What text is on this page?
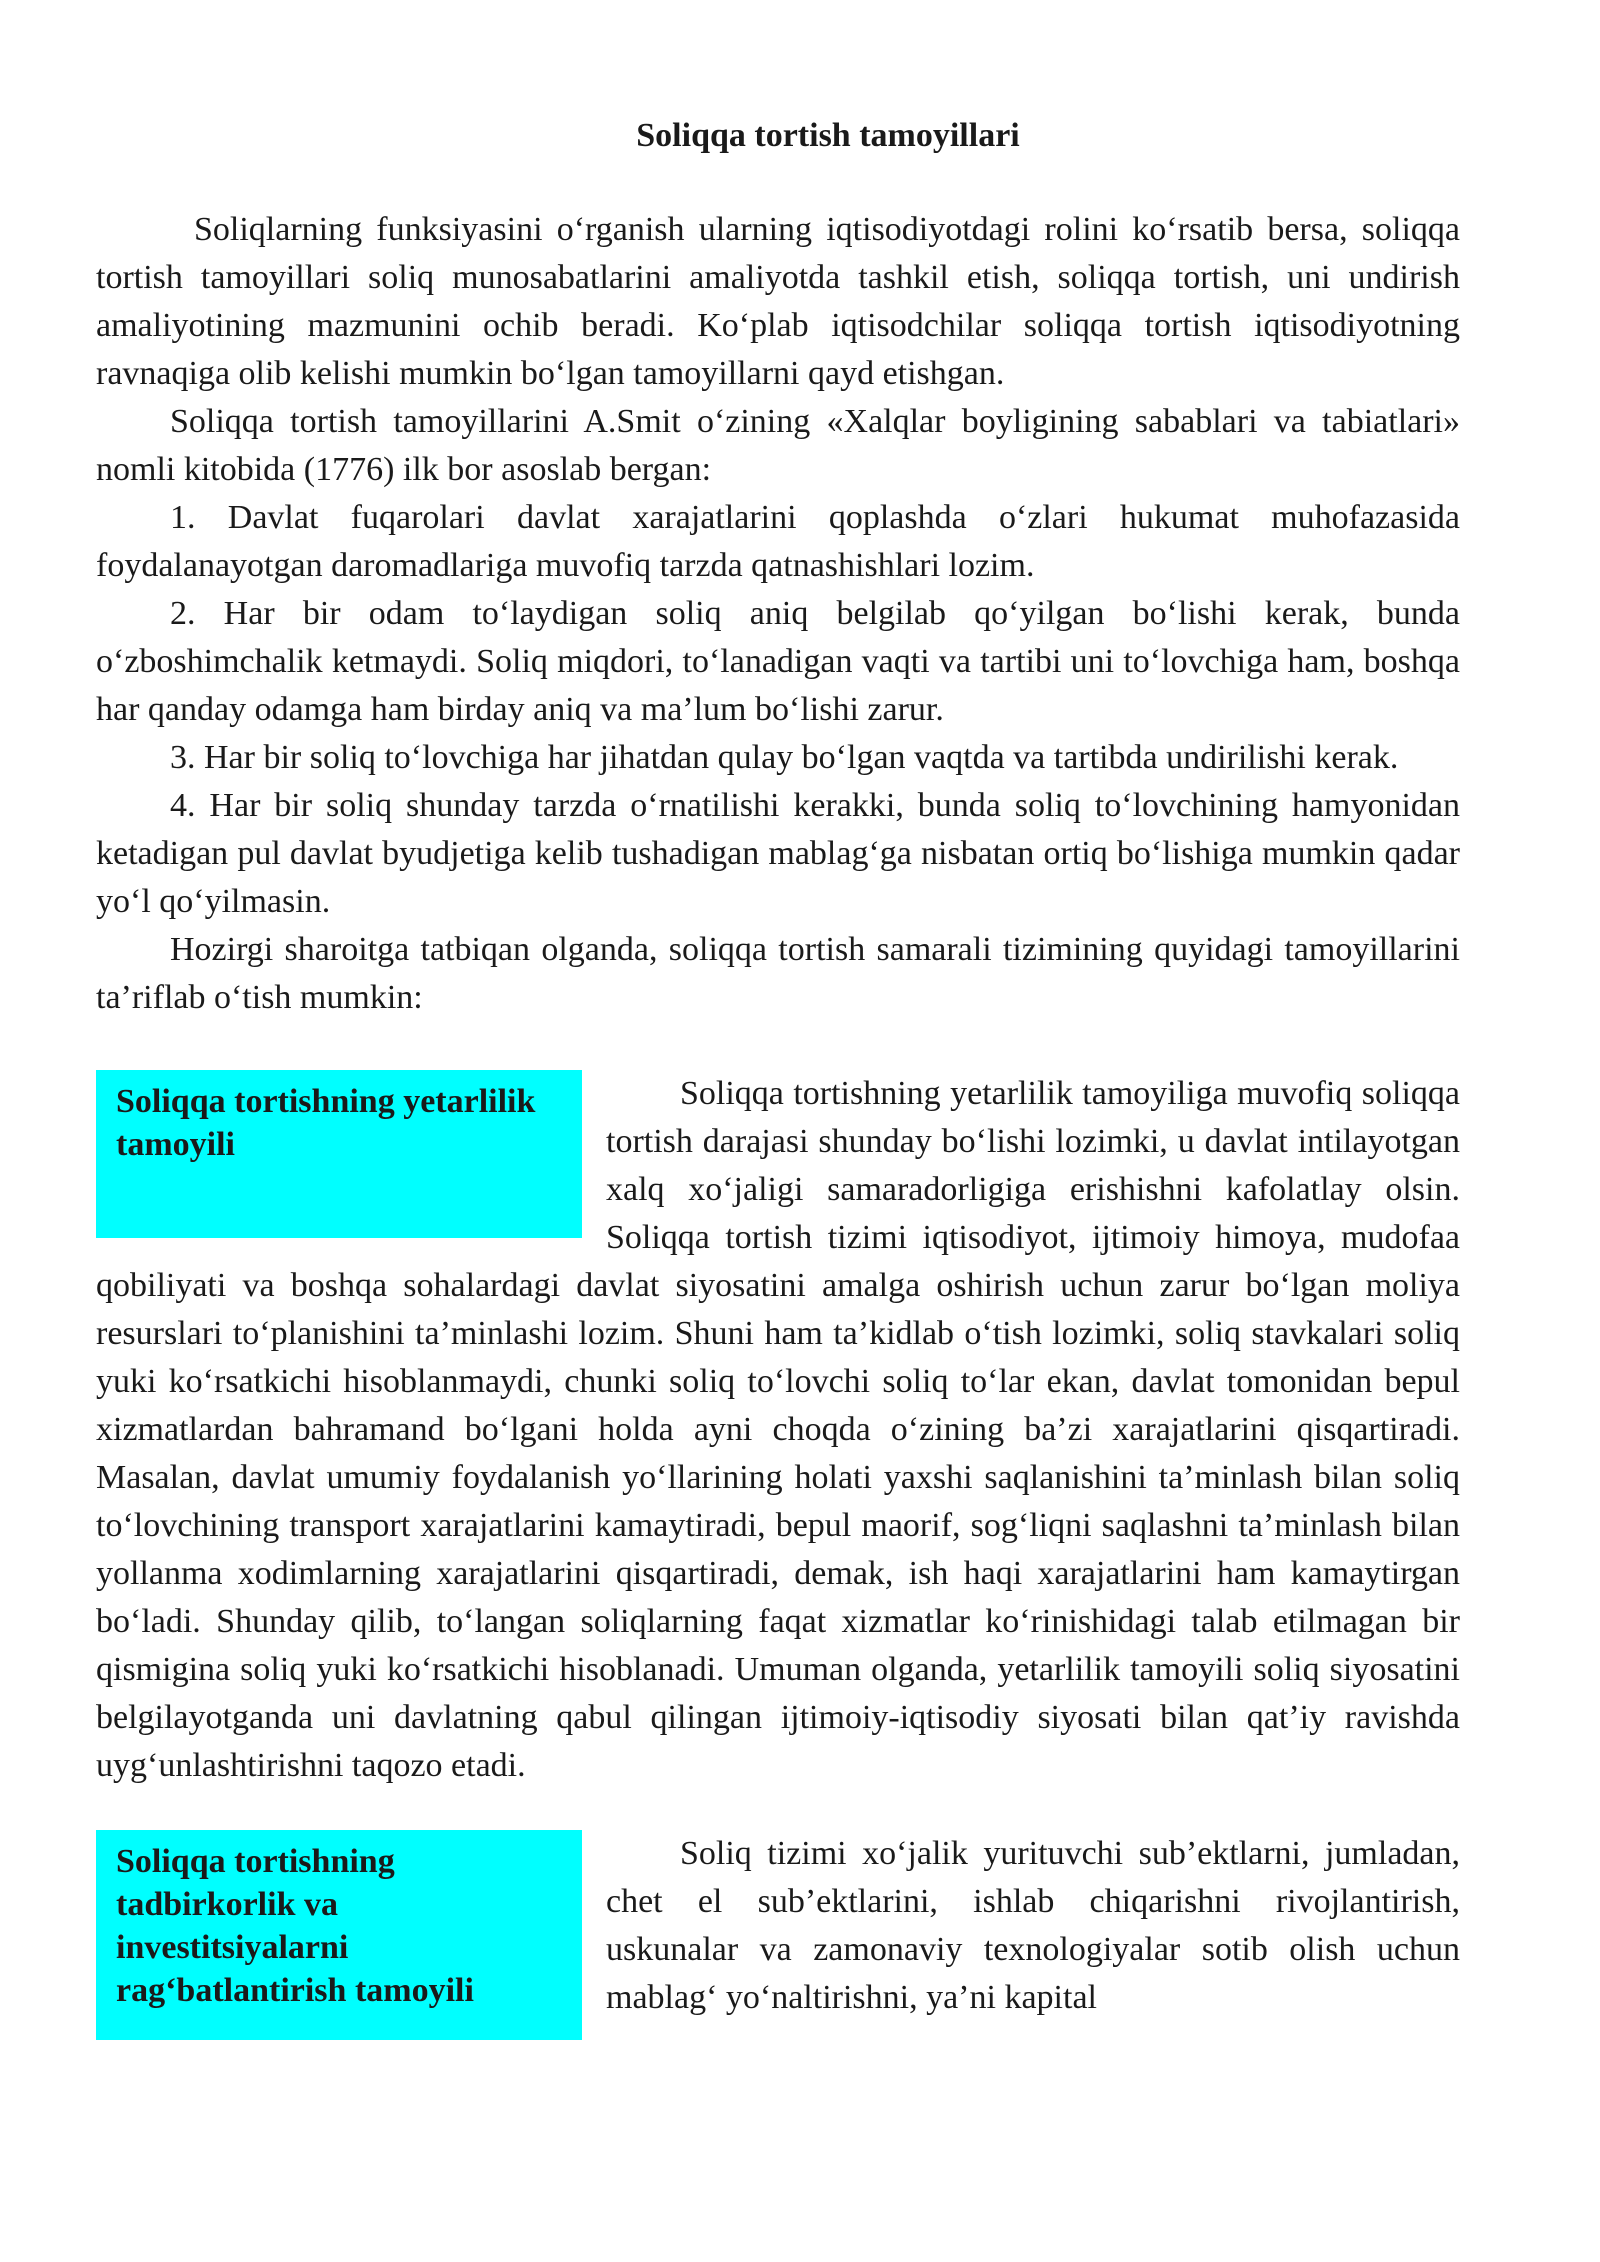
Soliqqa tortish tamoyillari

Soliqlarning funksiyasini o‘rganish ularning iqtisodiyotdagi rolini ko‘rsatib bersa, soliqqa tortish tamoyillari soliq munosabatlarini amaliyotda tashkil etish, soliqqa tortish, uni undirish amaliyotining mazmunini ochib beradi. Ko‘plab iqtisodchilar soliqqa tortish iqtisodiyotning ravnaqiga olib kelishi mumkin bo‘lgan tamoyillarni qayd etishgan.

Soliqqa tortish tamoyillarini A.Smit o‘zining «Xalqlar boyligining sabablari va tabiatlari» nomli kitobida (1776) ilk bor asoslab bergan:

1. Davlat fuqarolari davlat xarajatlarini qoplashda o‘zlari hukumat muhofazasida foydalanayotgan daromadlariga muvofiq tarzda qatnashishlari lozim.

2. Har bir odam to‘laydigan soliq aniq belgilab qo‘yilgan bo‘lishi kerak, bunda o‘zboshimchalik ketmaydi. Soliq miqdori, to‘lanadigan vaqti va tartibi uni to‘lovchiga ham, boshqa har qanday odamga ham birday aniq va ma’lum bo‘lishi zarur.

3. Har bir soliq to‘lovchiga har jihatdan qulay bo‘lgan vaqtda va tartibda undirilishi kerak.

4. Har bir soliq shunday tarzda o‘rnatilishi kerakki, bunda soliq to‘lovchining hamyonidan ketadigan pul davlat byudjetiga kelib tushadigan mablag‘ga nisbatan ortiq bo‘lishiga mumkin qadar yo‘l qo‘yilmasin.

Hozirgi sharoitga tatbiqan olganda, soliqqa tortish samarali tizimining quyidagi tamoyillarini ta’riflab o‘tish mumkin:

Soliqqa tortishning yetarlilik tamoyili

Soliqqa tortishning yetarlilik tamoyiliga muvofiq soliqqa tortish darajasi shunday bo‘lishi lozimki, u davlat intilayotgan xalq xo‘jaligi samaradorligiga erishishni kafolatlay olsin. Soliqqa tortish tizimi iqtisodiyot, ijtimoiy himoya, mudofaa qobiliyati va boshqa sohalardagi davlat siyosatini amalga oshirish uchun zarur bo‘lgan moliya resurslari to‘planishini ta’minlashi lozim. Shuni ham ta’kidlab o‘tish lozimki, soliq stavkalari soliq yuki ko‘rsatkichi hisoblanmaydi, chunki soliq to‘lovchi soliq to‘lar ekan, davlat tomonidan bepul xizmatlardan bahramand bo‘lgani holda ayni choqda o‘zining ba’zi xarajatlarini qisqartiradi. Masalan, davlat umumiy foydalanish yo‘llarining holati yaxshi saqlanishini ta’minlash bilan soliq to‘lovchining transport xarajatlarini kamaytiradi, bepul maorif, sog‘liqni saqlashni ta’minlash bilan yollanma xodimlarning xarajatlarini qisqartiradi, demak, ish haqi xarajatlarini ham kamaytirgan bo‘ladi. Shunday qilib, to‘langan soliqlarning faqat xizmatlar ko‘rinishidagi talab etilmagan bir qismigina soliq yuki ko‘rsatkichi hisoblanadi. Umuman olganda, yetarlilik tamoyili soliq siyosatini belgilayotganda uni davlatning qabul qilingan ijtimoiy-iqtisodiy siyosati bilan qat’iy ravishda uyg‘unlashtirishni taqozo etadi.

Soliqqa tortishning tadbirkorlik va investitsiyalarni rag‘batlantirish tamoyili

Soliq tizimi xo‘jalik yurituvchi sub’ektlarni, jumladan, chet el sub’ektlarini, ishlab chiqarishni rivojlantirish, uskunalar va zamonaviy texnologiyalar sotib olish uchun mablag‘ yo‘naltirishni, ya’ni kapital
